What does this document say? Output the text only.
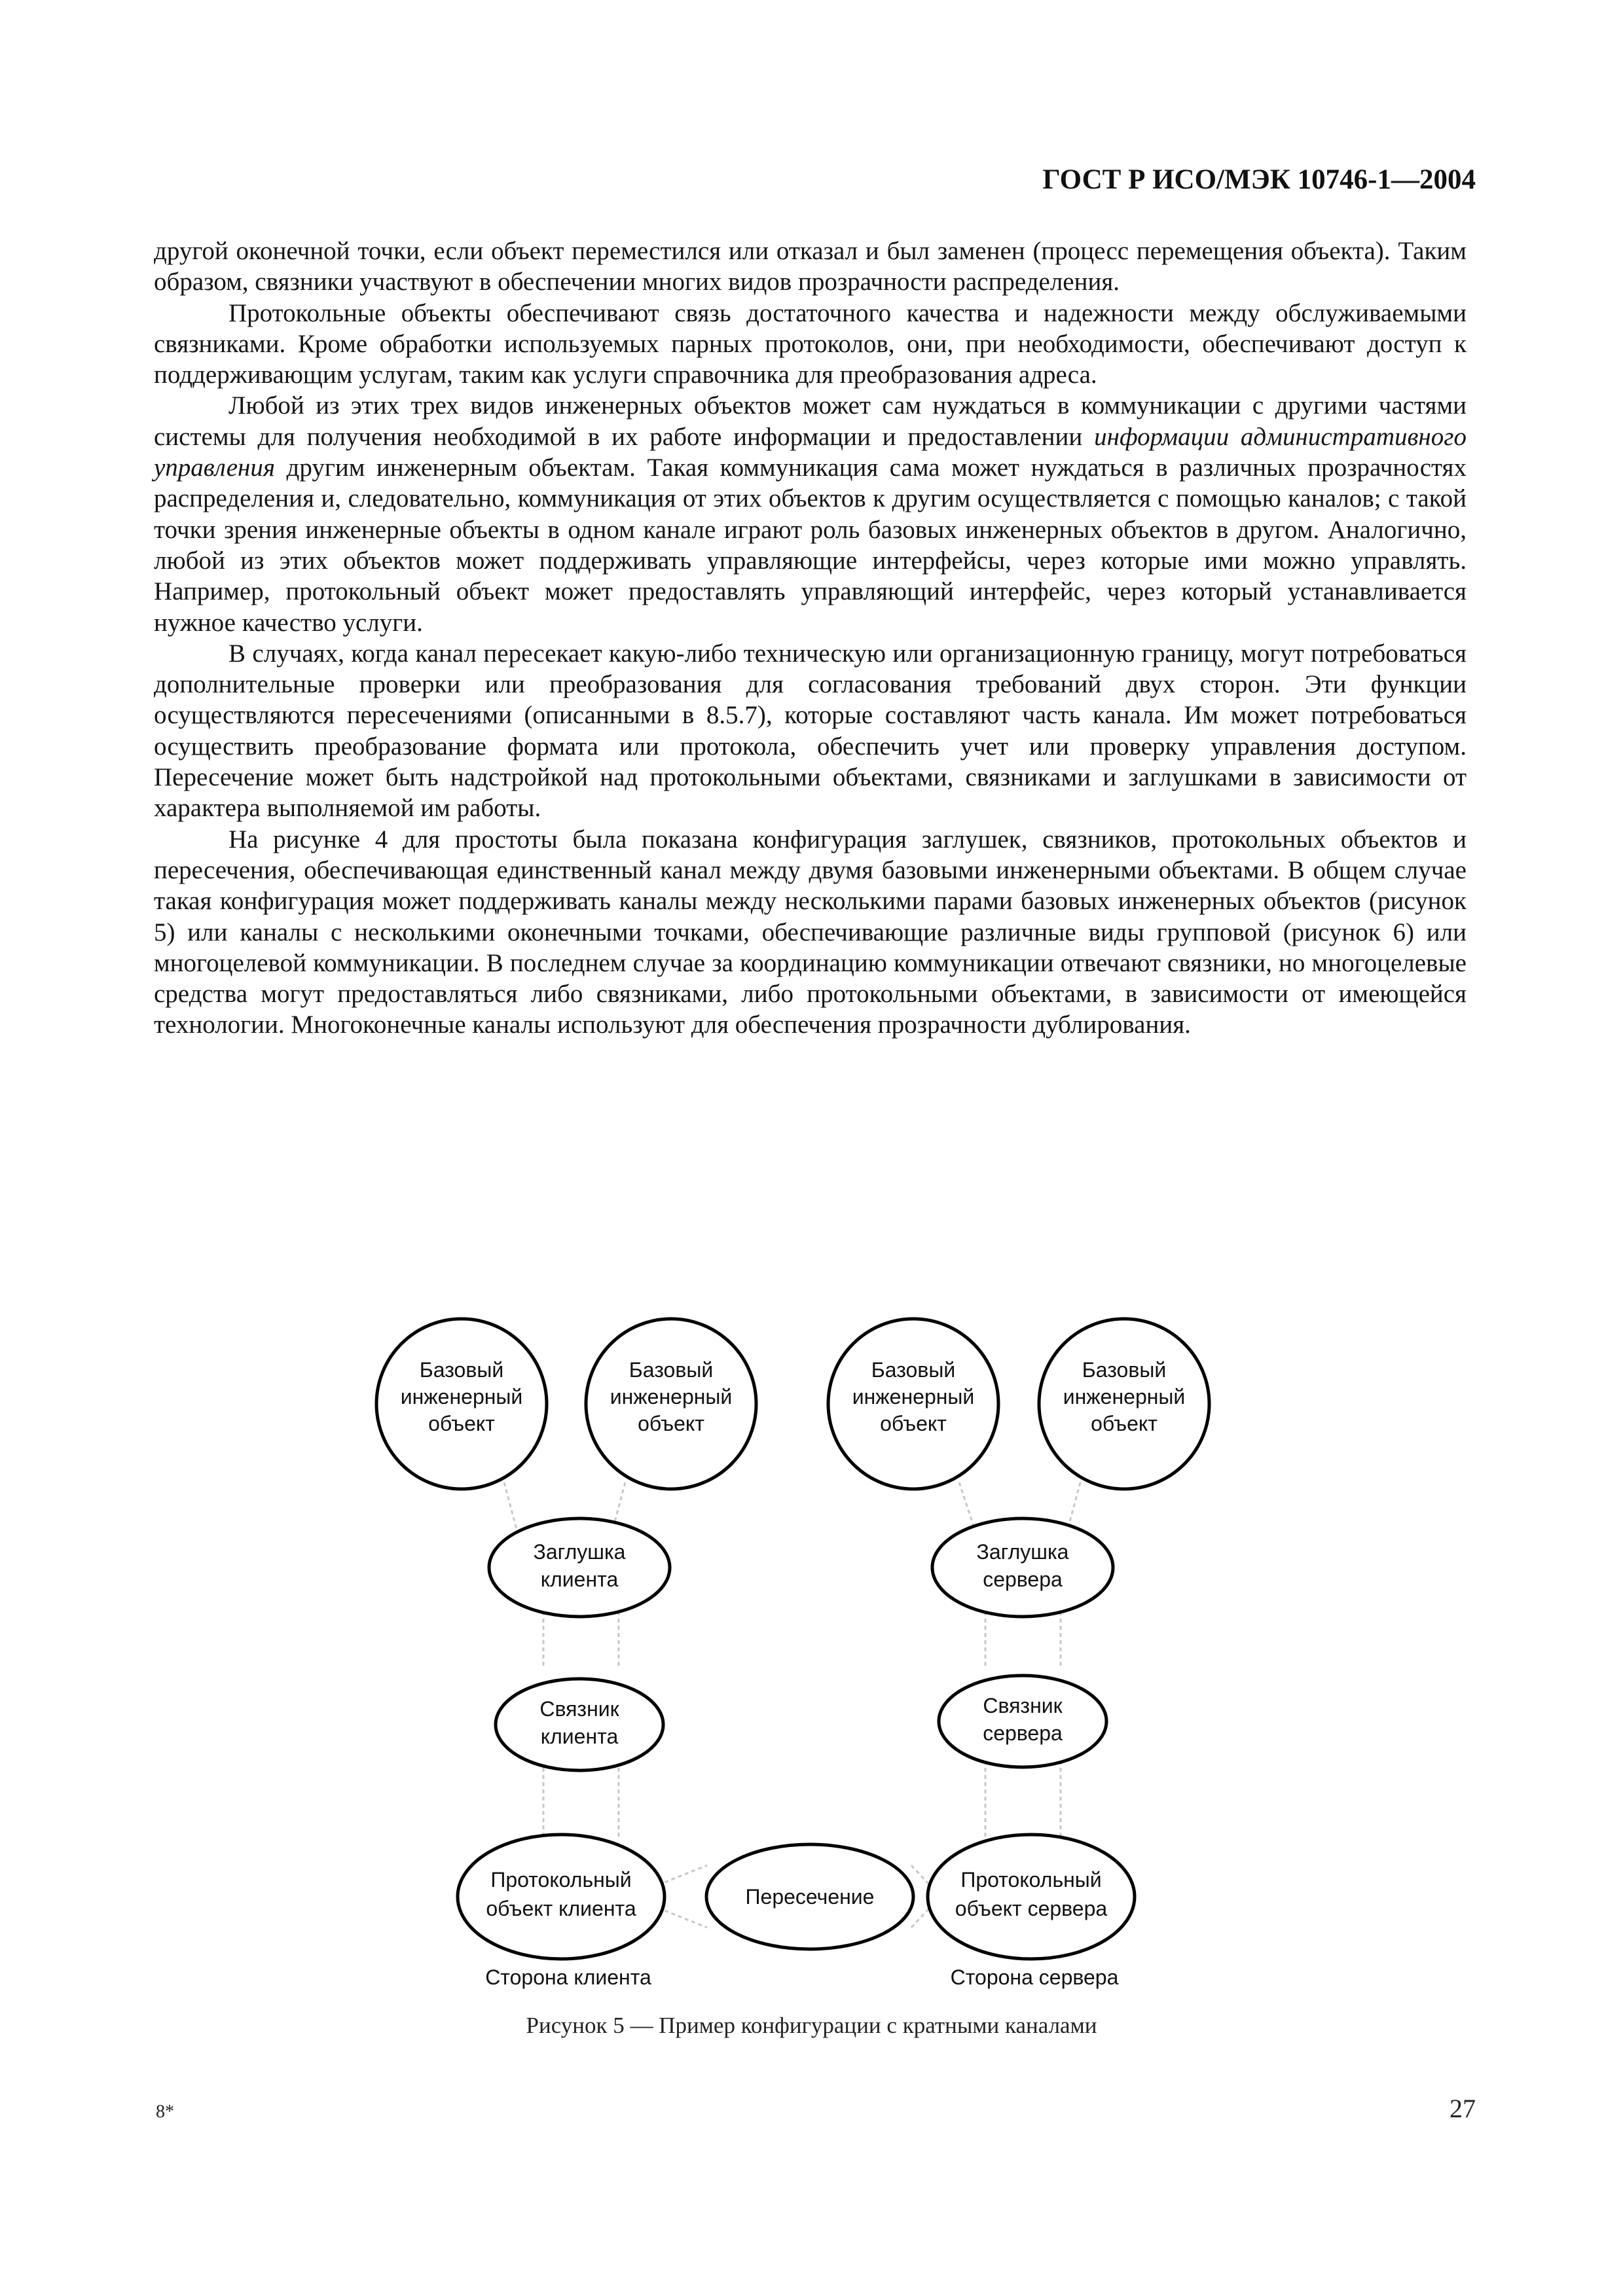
ГОСТ Р ИСО/МЭК 10746-1—2004

другой оконечной точки, если объект переместился или отказал и был заменен (процесс перемещения объекта). Таким образом, связники участвуют в обеспечении многих видов прозрачности распределения.

Протокольные объекты обеспечивают связь достаточного качества и надежности между обслуживаемыми связниками. Кроме обработки используемых парных протоколов, они, при необходимости, обеспечивают доступ к поддерживающим услугам, таким как услуги справочника для преобразования адреса.

Любой из этих трех видов инженерных объектов может сам нуждаться в коммуникации с другими частями системы для получения необходимой в их работе информации и предоставлении информации административного управления другим инженерным объектам. Такая коммуникация сама может нуждаться в различных прозрачностях распределения и, следовательно, коммуникация от этих объектов к другим осуществляется с помощью каналов; с такой точки зрения инженерные объекты в одном канале играют роль базовых инженерных объектов в другом. Аналогично, любой из этих объектов может поддерживать управляющие интерфейсы, через которые ими можно управлять. Например, протокольный объект может предоставлять управляющий интерфейс, через который устанавливается нужное качество услуги.

В случаях, когда канал пересекает какую-либо техническую или организационную границу, могут потребоваться дополнительные проверки или преобразования для согласования требований двух сторон. Эти функции осуществляются пересечениями (описанными в 8.5.7), которые составляют часть канала. Им может потребоваться осуществить преобразование формата или протокола, обеспечить учет или проверку управления доступом. Пересечение может быть надстройкой над протокольными объектами, связниками и заглушками в зависимости от характера выполняемой им работы.

На рисунке 4 для простоты была показана конфигурация заглушек, связников, протокольных объектов и пересечения, обеспечивающая единственный канал между двумя базовыми инженерными объектами. В общем случае такая конфигурация может поддерживать каналы между несколькими парами базовых инженерных объектов (рисунок 5) или каналы с несколькими оконечными точками, обеспечивающие различные виды групповой (рисунок 6) или многоцелевой коммуникации. В последнем случае за координацию коммуникации отвечают связники, но многоцелевые средства могут предоставляться либо связниками, либо протокольными объектами, в зависимости от имеющейся технологии. Многоконечные каналы используют для обеспечения прозрачности дублирования.

Базовый
инженерный
объект
Базовый
инженерный
объект
Базовый
инженерный
объект
Базовый
инженерный
объект
Заглушка
клиента
Заглушка
сервера
Связник
клиента
Связник
сервера
Протокольный
объект клиента	Пересечение
Протокольный
объект сервера
Сторона клиента	Сторона сервера
Рисунок 5 — Пример конфигурации с кратными каналами
8*	27
